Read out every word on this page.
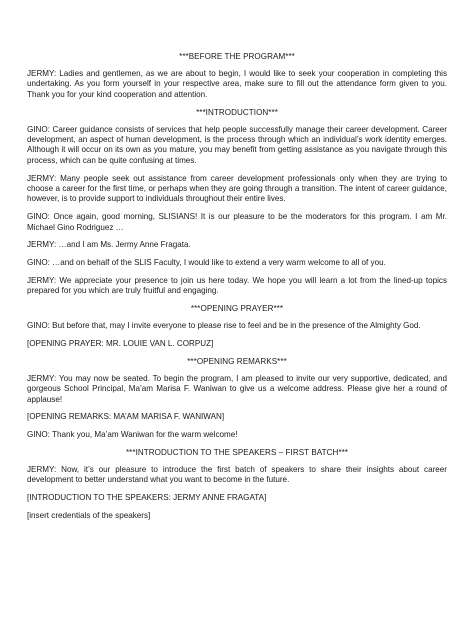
***BEFORE THE PROGRAM***

JERMY: Ladies and gentlemen, as we are about to begin, I would like to seek your cooperation in completing this undertaking. As you form yourself in your respective area, make sure to fill out the attendance form given to you. Thank you for your kind cooperation and attention.

***INTRODUCTION***

GINO: Career guidance consists of services that help people successfully manage their career development. Career development, an aspect of human development, is the process through which an individual’s work identity emerges. Although it will occur on its own as you mature, you may benefit from getting assistance as you navigate through this process, which can be quite confusing at times.

JERMY: Many people seek out assistance from career development professionals only when they are trying to choose a career for the first time, or perhaps when they are going through a transition. The intent of career guidance, however, is to provide support to individuals throughout their entire lives.

GINO: Once again, good morning, SLISIANS! It is our pleasure to be the moderators for this program. I am Mr. Michael Gino Rodriguez …

JERMY: …and I am Ms. Jermy Anne Fragata.

GINO: …and on behalf of the SLIS Faculty, I would like to extend a very warm welcome to all of you.

JERMY: We appreciate your presence to join us here today. We hope you will learn a lot from the lined-up topics prepared for you which are truly fruitful and engaging.

***OPENING PRAYER***

GINO: But before that, may I invite everyone to please rise to feel and be in the presence of the Almighty God.

[OPENING PRAYER: MR. LOUIE VAN L. CORPUZ]

***OPENING REMARKS***

JERMY: You may now be seated. To begin the program, I am pleased to invite our very supportive, dedicated, and gorgeous School Principal, Ma’am Marisa F. Waniwan to give us a welcome address. Please give her a round of applause!

[OPENING REMARKS: MA’AM MARISA F. WANIWAN]

GINO: Thank you, Ma’am Waniwan for the warm welcome!

***INTRODUCTION TO THE SPEAKERS – FIRST BATCH***

JERMY: Now, it’s our pleasure to introduce the first batch of speakers to share their insights about career development to better understand what you want to become in the future.

[INTRODUCTION TO THE SPEAKERS: JERMY ANNE FRAGATA]

[insert credentials of the speakers]
